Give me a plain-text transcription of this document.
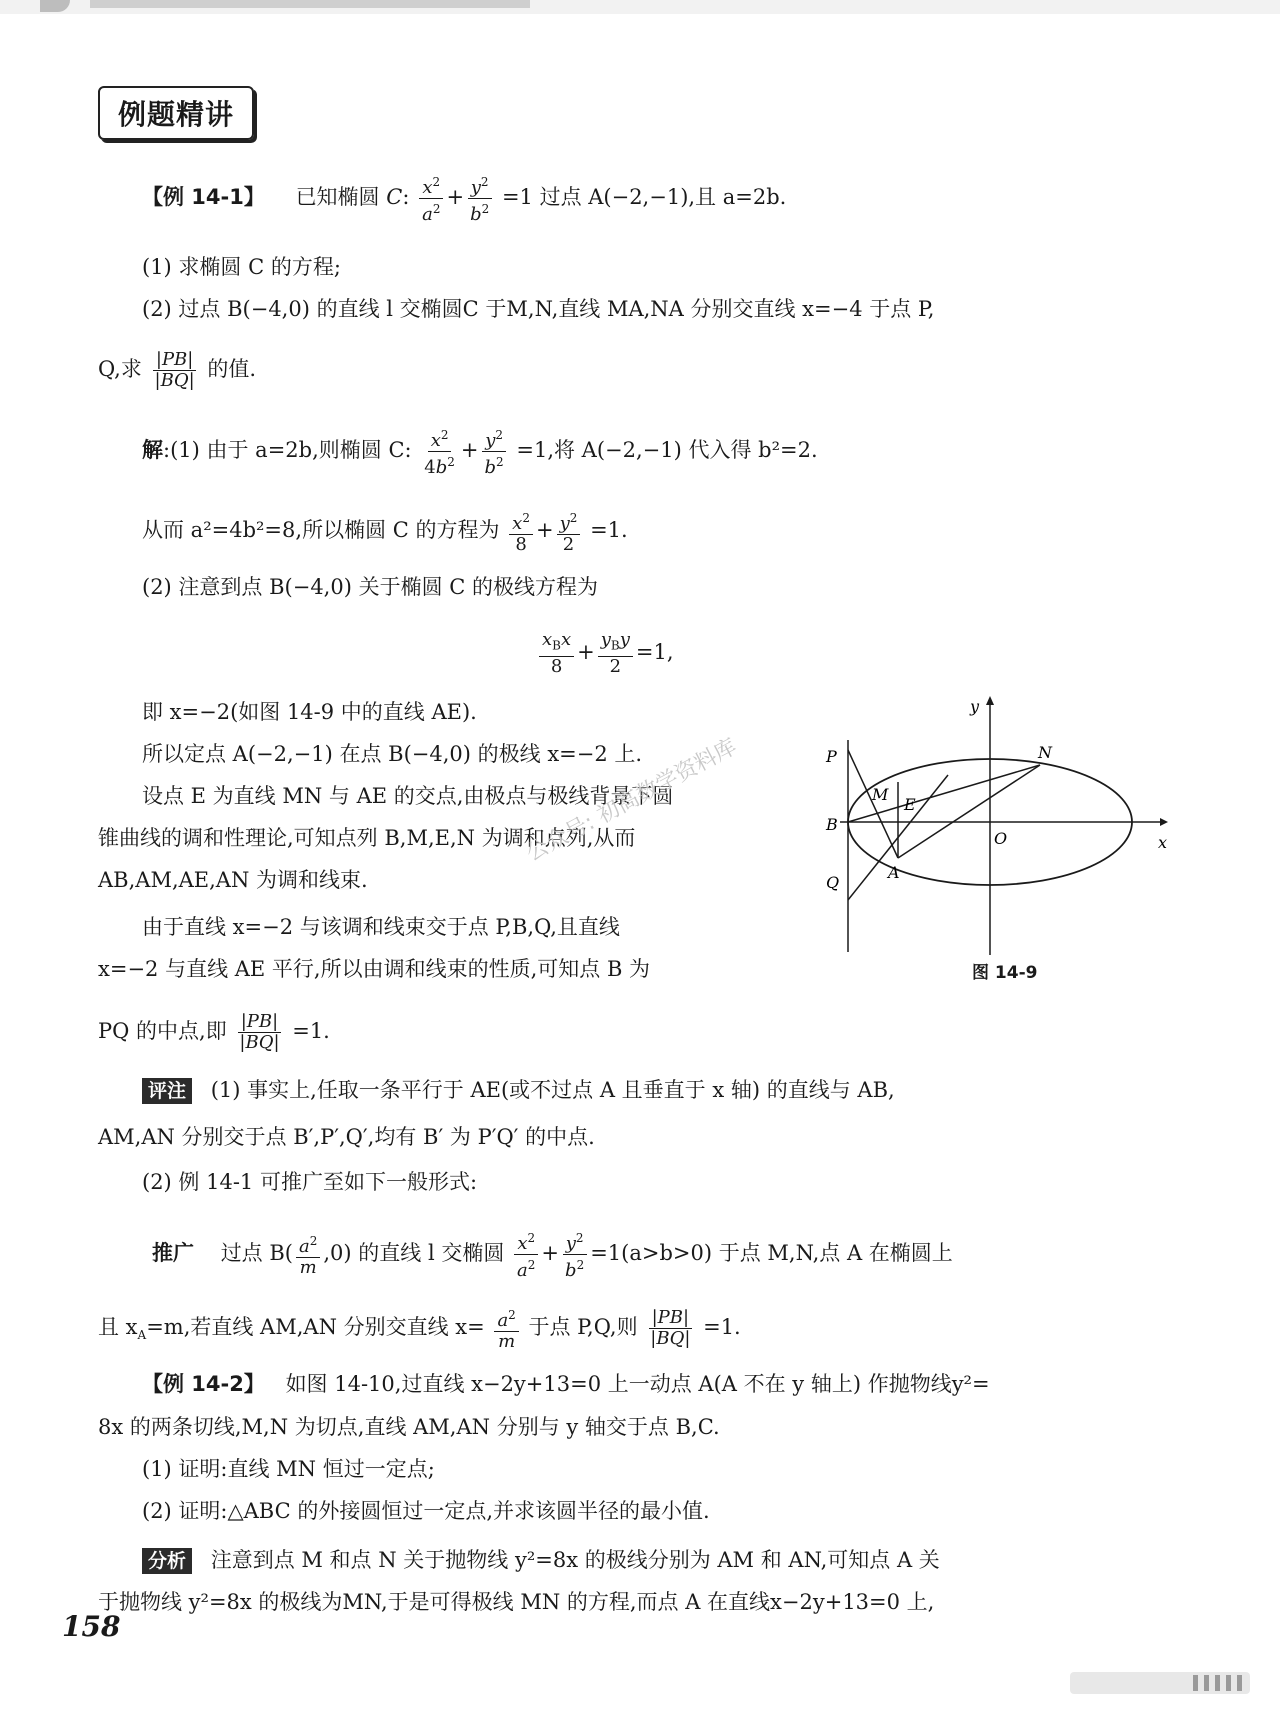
例题精讲
【例 14-1】 已知椭圆 C: $\frac{x^2}{a^2} + \frac{y^2}{b^2} =1$ 过点 A(−2,−1),且 a=2b.
(1) 求椭圆 C 的方程;
(2) 过点 B(−4,0) 的直线 l 交椭圆C 于M,N,直线 MA,NA 分别交直线 x=−4 于点 P,
Q,求 $\frac{|PB|}{|BQ|}$ 的值.
解:(1) 由于 a=2b,则椭圆 C: $\frac{x^2}{4b^2} + \frac{y^2}{b^2} =1$,将 A(−2,−1) 代入得 b²=2.
从而 a²=4b²=8,所以椭圆 C 的方程为 $\frac{x^2}{8} + \frac{y^2}{2} =1$.
(2) 注意到点 B(−4,0) 关于椭圆 C 的极线方程为
$\frac{x_Bx}{8} + \frac{y_By}{2} =1$,
即 x=−2(如图 14-9 中的直线 AE).
所以定点 A(−2,−1) 在点 B(−4,0) 的极线 x=−2 上.
设点 E 为直线 MN 与 AE 的交点,由极点与极线背景下圆
锥曲线的调和性理论,可知点列 B,M,E,N 为调和点列,从而
AB,AM,AE,AN 为调和线束.
由于直线 x=−2 与该调和线束交于点 P,B,Q,且直线
x=−2 与直线 AE 平行,所以由调和线束的性质,可知点 B 为
PQ 的中点,即 $\frac{|PB|}{|BQ|} =1$.
y
x
P
M
E
N
B
O
Q
A
图 14-9
公众号: 初高数学资料库
评注 (1) 事实上,任取一条平行于 AE(或不过点 A 且垂直于 x 轴) 的直线与 AB,
AM,AN 分别交于点 B′,P′,Q′,均有 B′ 为 P′Q′ 的中点.
(2) 例 14-1 可推广至如下一般形式:
推广 过点 $B( \frac{a^2}{m} ,0)$ 的直线 l 交椭圆 $\frac{x^2}{a^2} + \frac{y^2}{b^2} =1(a>b>0)$ 于点 M,N,点 A 在椭圆上
且 $x_A=m$,若直线 AM,AN 分别交直线 $x= \frac{a^2}{m}$ 于点 P,Q,则 $\frac{|PB|}{|BQ|} =1$.
【例 14-2】 如图 14-10,过直线 x−2y+13=0 上一动点 A(A 不在 y 轴上) 作抛物线y²=
8x 的两条切线,M,N 为切点,直线 AM,AN 分别与 y 轴交于点 B,C.
(1) 证明:直线 MN 恒过一定点;
(2) 证明:△ABC 的外接圆恒过一定点,并求该圆半径的最小值.
分析 注意到点 M 和点 N 关于抛物线 y²=8x 的极线分别为 AM 和 AN,可知点 A 关
于抛物线 y²=8x 的极线为MN,于是可得极线 MN 的方程,而点 A 在直线x−2y+13=0 上,
158
